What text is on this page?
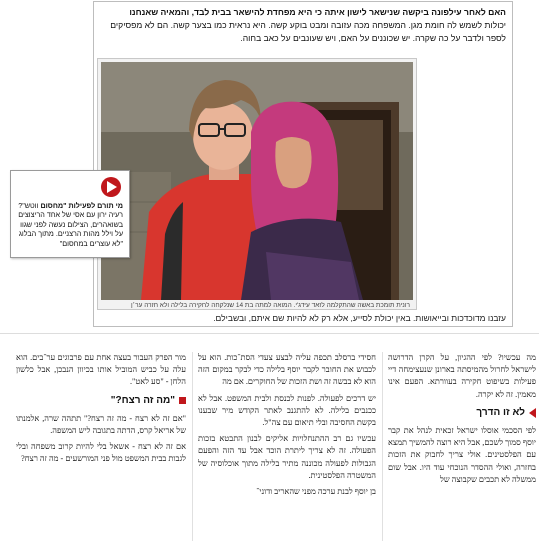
האם לאחר עילפונה ביקשה שנישאר לישון איתה כי היא מפחדת להישאר בבית לבד, והמאיה שאנחנו
יכולות לשמש לה חומת מגן. המשפחה מכה עזובה ומבט בוקע קשה. היא נראית כמו בצער קשה. הם לא מפסיקים
לספר ולדבר על כה שקרה. יש שכוננים על האם, ויש שעונבים על כאב בחוה.
רונית תומכת באשה שהתקלמה לזאד עידג'י. המואה למתה בת 14 שנלקחה לחקירה בלילה ולא חזרה ער׳ן
עזבנו מדוכדכות ובייאושות. באין יכולת לסייע, אלא רק לא להיות שם איתם, ובשבילם.
מי תורם לפעילות "מחסום ווטש"? רעיה ירון עם אסי של אחד הריצוצים בשואהרים, הצילום נעשה לפני שגוו על וילל מהות הרצניים. מתוך הבלוג "לא עוצרים במחסום"

מה עכשיו? לפי ההגיון, על הקרן הדרושה לישראל לחרול מהמיסתה בארונן שנעצימחה דיי פעילות בשיפוט חקירה בעוורתא. הפעם אינו מאמין. זה לא יקרה.

לא זו הדרך

לפי הסכמי אוסלו ישראל זכאית לנהל את קבר יוסף סמוך לשכם, אבל היא רוצה להמשיך תמצא עם הפלסטינים. אולי צריך לחבוק את הזכות בחזרה, ואולי ההסדר הנוכחי עוד היו. אבל שום ממשלה לא תכבים שקבוצה של

חסידי ברסלב תכפה עליה לבצע צעדי הסת־כות. הוא על לכבוש את החובר לקבר יוסף בלילה כדי לבקר במקום הזה הוא לא בבשה זה ושת הזכות של החוקרים. אם מה

יש דרכים לפעולה. לפנות לכנסת ולבית המשפט. אבל לא ככנבים בלילה. לא להתגנב לאתר הקודש מיר שבענו בקשת החסיבה ובלי תיאום עם צה"ל.

עכשיו גם רב ההתנחלויות אליקים לבנון התבטא בזכות הפעולה. זה לא צריך ליתרת הוכד אבל עד הזה והפעם הגבולות לפעולה מכוננה מתיר בלילה מתוך אוכלוסיה של המשטרה הפלסטינית.

בן יוסף לבנת ערכה מפני שהאריב ודוני־

מור הפרק העבור בעצה אחת עם פרבוגים ער־בים. הוא עלה על כביש המוביל אותו בכיוון הנבכן, אבל כלשון הלחן - "סע לאט".

"מה זה רצח?"

"אם זה לא רצח - מה זה רצח?" תתהה שרה, אלמנתו של אריאל קרס, הדתה בתגובה ליש המשפה.

אם זה לא רצח - אשאל בלי להיות קרוב משפחה ובלי לגבות בבית המשפט מול פני המורשעים - מה זה רצח?
